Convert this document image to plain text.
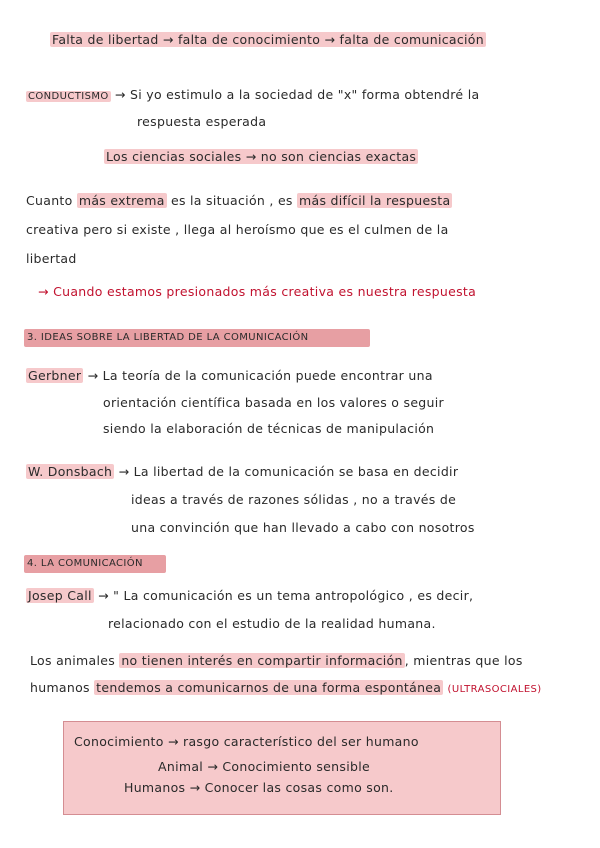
Falta de libertad → falta de conocimiento → falta de comunicación
CONDUCTISMO → Si yo estimulo a la sociedad de "x" forma obtendré la
respuesta esperada
Los ciencias sociales → no son ciencias exactas
Cuanto más extrema es la situación , es más difícil la respuesta
creativa pero si existe , llega al heroísmo que es el culmen de la
libertad
→ Cuando estamos presionados más creativa es nuestra respuesta
3. IDEAS SOBRE LA LIBERTAD DE LA COMUNICACIÓN
Gerbner → La teoría de la comunicación puede encontrar una
orientación científica basada en los valores o seguir
siendo la elaboración de técnicas de manipulación
W. Donsbach → La libertad de la comunicación se basa en decidir
ideas a través de razones sólidas , no a través de
una convinción que han llevado a cabo con nosotros
4. LA COMUNICACIÓN
Josep Call → " La comunicación es un tema antropológico , es decir,
relacionado con el estudio de la realidad humana.
Los animales no tienen interés en compartir información , mientras que los
humanos tendemos a comunicarnos de una forma espontánea (ULTRASOCIALES)
Conocimiento → rasgo característico del ser humano
Animal → Conocimiento sensible
Humanos → Conocer las cosas como son.
